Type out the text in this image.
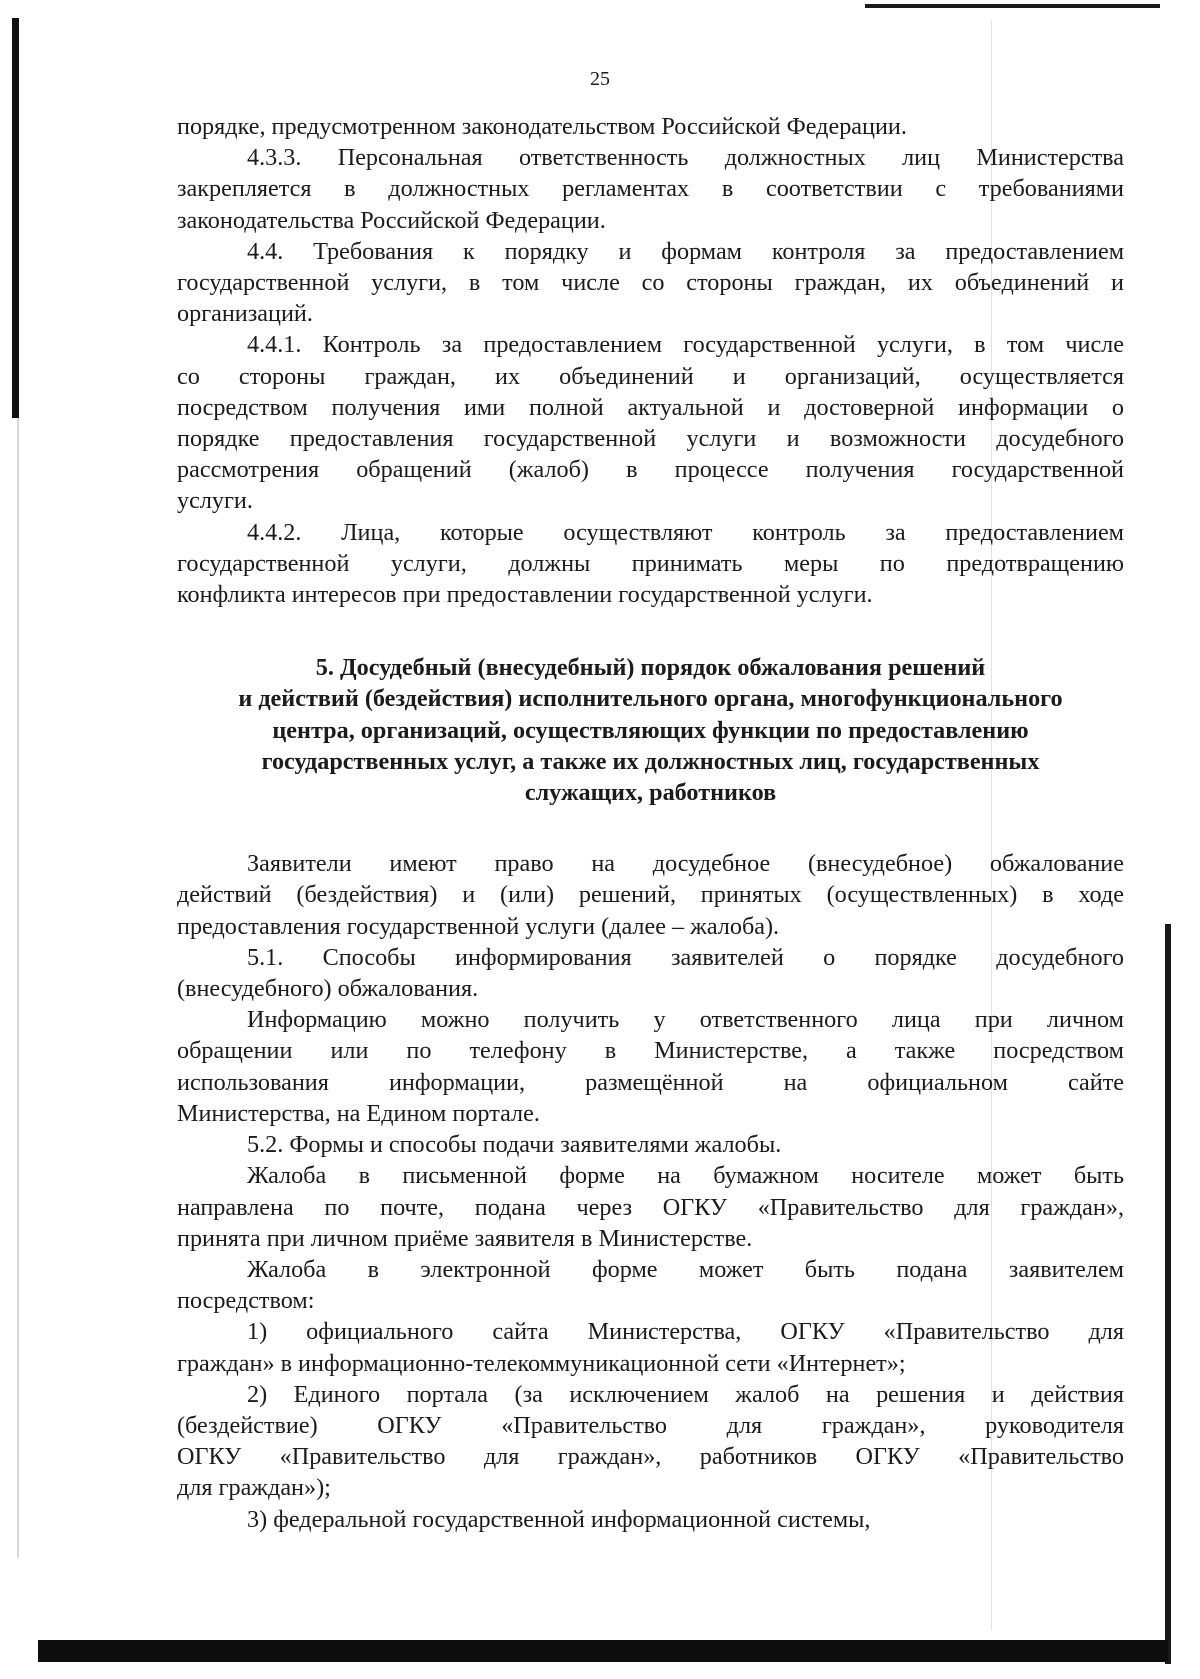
25

порядке, предусмотренном законодательством Российской Федерации.

4.3.3. Персональная ответственность должностных лиц Министерства

закрепляется в должностных регламентах в соответствии с требованиями

законодательства Российской Федерации.

4.4. Требования к порядку и формам контроля за предоставлением

государственной услуги, в том числе со стороны граждан, их объединений и

организаций.

4.4.1. Контроль за предоставлением государственной услуги, в том числе

со стороны граждан, их объединений и организаций, осуществляется

посредством получения ими полной актуальной и достоверной информации о

порядке предоставления государственной услуги и возможности досудебного

рассмотрения обращений (жалоб) в процессе получения государственной

услуги.

4.4.2. Лица, которые осуществляют контроль за предоставлением

государственной услуги, должны принимать меры по предотвращению

конфликта интересов при предоставлении государственной услуги.

5. Досудебный (внесудебный) порядок обжалования решений
и действий (бездействия) исполнительного органа, многофункционального
центра, организаций, осуществляющих функции по предоставлению
государственных услуг, а также их должностных лиц, государственных
служащих, работников

Заявители имеют право на досудебное (внесудебное) обжалование

действий (бездействия) и (или) решений, принятых (осуществленных) в ходе

предоставления государственной услуги (далее – жалоба).

5.1. Способы информирования заявителей о порядке досудебного

(внесудебного) обжалования.

Информацию можно получить у ответственного лица при личном

обращении или по телефону в Министерстве, а также посредством

использования информации, размещённой на официальном сайте

Министерства, на Едином портале.

5.2. Формы и способы подачи заявителями жалобы.

Жалоба в письменной форме на бумажном носителе может быть

направлена по почте, подана через ОГКУ «Правительство для граждан»,

принята при личном приёме заявителя в Министерстве.

Жалоба в электронной форме может быть подана заявителем

посредством:

1) официального сайта Министерства, ОГКУ «Правительство для

граждан» в информационно-телекоммуникационной сети «Интернет»;

2) Единого портала (за исключением жалоб на решения и действия

(бездействие) ОГКУ «Правительство для граждан», руководителя

ОГКУ «Правительство для граждан», работников ОГКУ «Правительство

для граждан»);

3) федеральной государственной информационной системы,
